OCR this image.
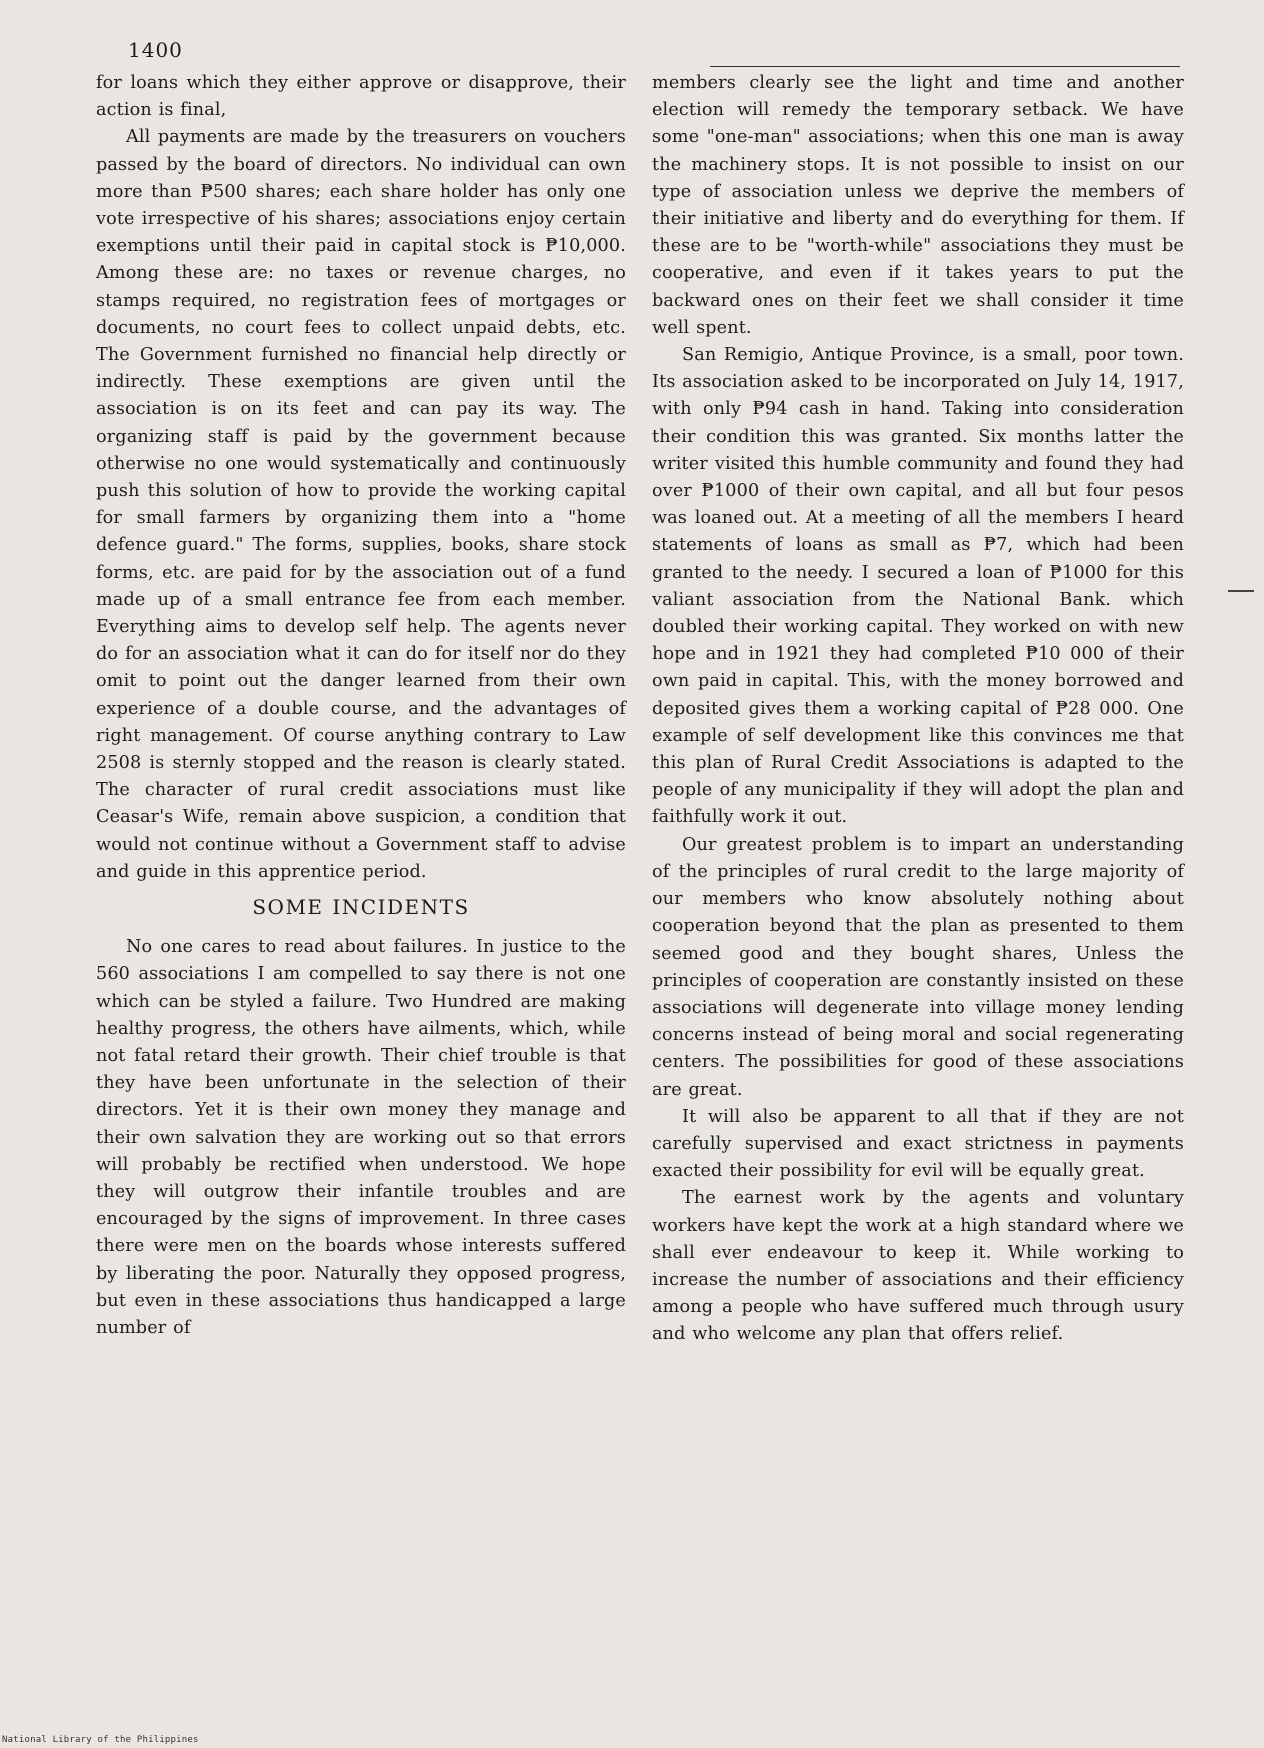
1400

for loans which they either approve or disapprove, their action is final,

All payments are made by the treasurers on vouchers passed by the board of directors. No individual can own more than ₱500 shares; each share holder has only one vote irrespective of his shares; associations enjoy certain exemptions until their paid in capital stock is ₱10,000. Among these are: no taxes or revenue charges, no stamps required, no registration fees of mortgages or documents, no court fees to collect unpaid debts, etc. The Government furnished no financial help directly or indirectly. These exemptions are given until the association is on its feet and can pay its way. The organizing staff is paid by the government because otherwise no one would systematically and continuously push this solution of how to provide the working capital for small farmers by organizing them into a "home defence guard." The forms, supplies, books, share stock forms, etc. are paid for by the association out of a fund made up of a small entrance fee from each member. Everything aims to develop self help. The agents never do for an association what it can do for itself nor do they omit to point out the danger learned from their own experience of a double course, and the advantages of right management. Of course anything contrary to Law 2508 is sternly stopped and the reason is clearly stated. The character of rural credit associations must like Ceasar's Wife, remain above suspicion, a condition that would not continue without a Government staff to advise and guide in this apprentice period.

SOME INCIDENTS

No one cares to read about failures. In justice to the 560 associations I am compelled to say there is not one which can be styled a failure. Two Hundred are making healthy progress, the others have ailments, which, while not fatal retard their growth. Their chief trouble is that they have been unfortunate in the selection of their directors. Yet it is their own money they manage and their own salvation they are working out so that errors will probably be rectified when understood. We hope they will outgrow their infantile troubles and are encouraged by the signs of improvement. In three cases there were men on the boards whose interests suffered by liberating the poor. Naturally they opposed progress, but even in these associations thus handicapped a large number of

members clearly see the light and time and another election will remedy the temporary setback. We have some "one-man" associations; when this one man is away the machinery stops. It is not possible to insist on our type of association unless we deprive the members of their initiative and liberty and do everything for them. If these are to be "worth-while" associations they must be cooperative, and even if it takes years to put the backward ones on their feet we shall consider it time well spent.

San Remigio, Antique Province, is a small, poor town. Its association asked to be incorporated on July 14, 1917, with only ₱94 cash in hand. Taking into consideration their condition this was granted. Six months latter the writer visited this humble community and found they had over ₱1000 of their own capital, and all but four pesos was loaned out. At a meeting of all the members I heard statements of loans as small as ₱7, which had been granted to the needy. I secured a loan of ₱1000 for this valiant association from the National Bank. which doubled their working capital. They worked on with new hope and in 1921 they had completed ₱10 000 of their own paid in capital. This, with the money borrowed and deposited gives them a working capital of ₱28 000. One example of self development like this convinces me that this plan of Rural Credit Associations is adapted to the people of any municipality if they will adopt the plan and faithfully work it out.

Our greatest problem is to impart an understanding of the principles of rural credit to the large majority of our members who know absolutely nothing about cooperation beyond that the plan as presented to them seemed good and they bought shares, Unless the principles of cooperation are constantly insisted on these associations will degenerate into village money lending concerns instead of being moral and social regenerating centers. The possibilities for good of these associations are great.

It will also be apparent to all that if they are not carefully supervised and exact strictness in payments exacted their possibility for evil will be equally great.

The earnest work by the agents and voluntary workers have kept the work at a high standard where we shall ever endeavour to keep it. While working to increase the number of associations and their efficiency among a people who have suffered much through usury and who welcome any plan that offers relief.

National Library of the Philippines
